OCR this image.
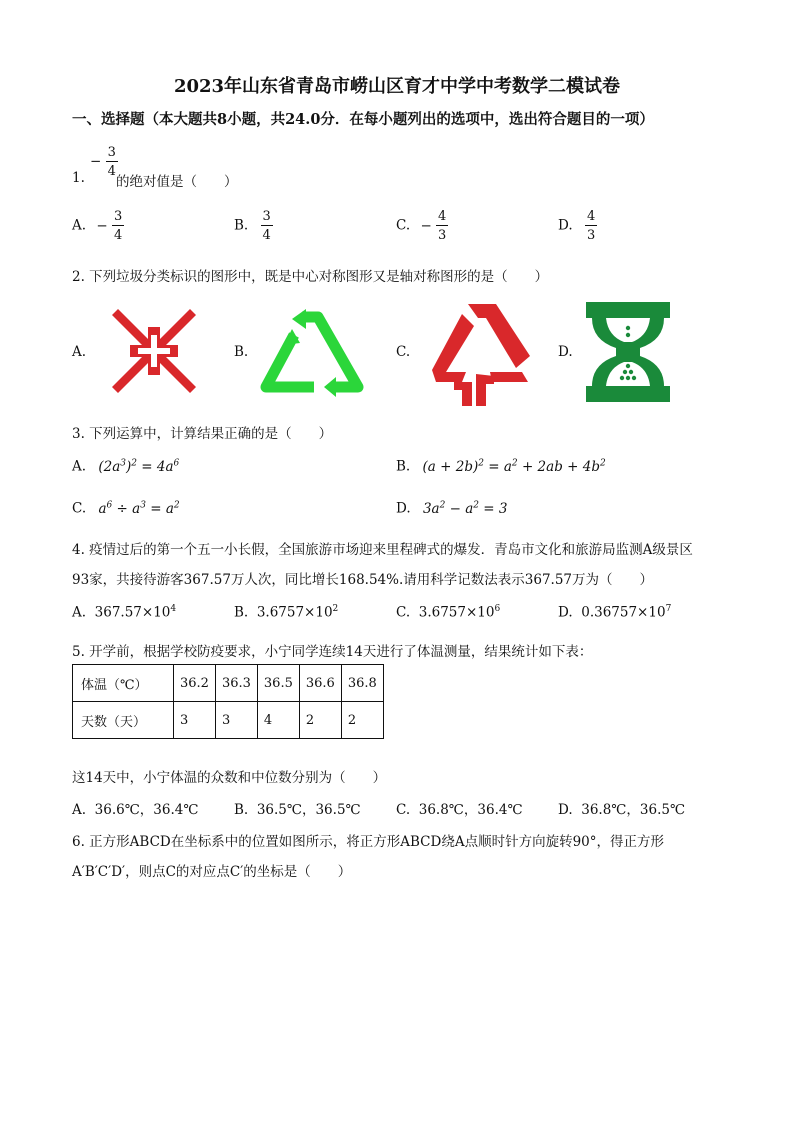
2023年山东省青岛市崂山区育才中学中考数学二模试卷
一、选择题（本大题共8小题，共24.0分．在每小题列出的选项中，选出符合题目的一项）
− $\frac{3}{4}$
1. 的绝对值是（　　）
A. − $\frac{3}{4}$	B. $\frac{3}{4}$	C. − $\frac{4}{3}$	D. $\frac{4}{3}$
2. 下列垃圾分类标识的图形中，既是中心对称图形又是轴对称图形的是（　　）
A.	B.	C.	D.
3. 下列运算中，计算结果正确的是（　　）
A. $(2a^3)^2 = 4a^6$	B. $(a + 2b)^2 = a^2 + 2ab + 4b^2$
C. $a^6 \div a^3 = a^2$	D. $3a^2 - a^2 = 3$
4. 疫情过后的第一个五一小长假，全国旅游市场迎来里程碑式的爆发．青岛市文化和旅游局监测A级景区
93家，共接待游客367.57万人次，同比增长168.54%.请用科学记数法表示367.57万为（　　）
A. $367.57\times 10^4$	B. $3.6757\times 10^2$	C. $3.6757\times 10^6$	D. $0.36757\times 10^7$
5. 开学前，根据学校防疫要求，小宁同学连续14天进行了体温测量，结果统计如下表：
体温（℃）	36.2	36.3	36.5	36.6	36.8
天数（天）	3	3	4	2	2
这14天中，小宁体温的众数和中位数分别为（　　）
A. 36.6℃，36.4℃	B. 36.5℃，36.5℃	C. 36.8℃，36.4℃	D. 36.8℃，36.5℃
6. 正方形ABCD在坐标系中的位置如图所示，将正方形ABCD绕A点顺时针方向旋转90°，得正方形
A′B′C′D′，则点C的对应点C′的坐标是（　　）
